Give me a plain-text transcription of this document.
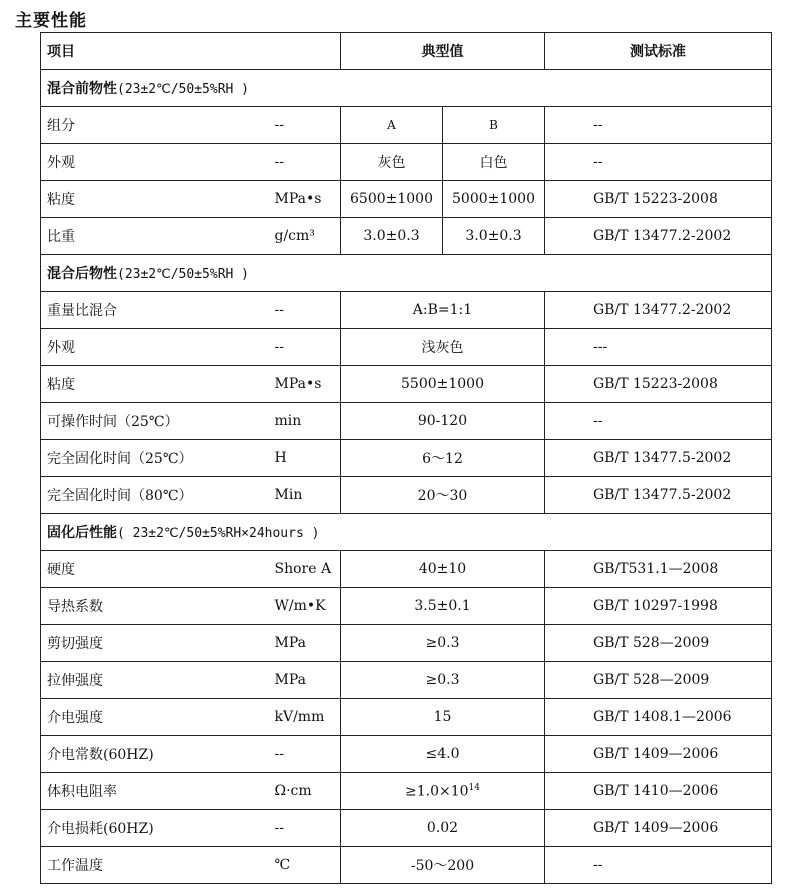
主要性能
项目		典型值		测试标准
混合前物性(23±2℃/50±5%RH )				
组分	--	A	B	--
外观	--	灰色	白色	--
粘度	MPa•s	6500±1000	5000±1000	GB/T 15223-2008
比重	g/cm³	3.0±0.3	3.0±0.3	GB/T 13477.2-2002
混合后物性(23±2℃/50±5%RH )				
重量比混合	--	A:B=1:1		GB/T 13477.2-2002
外观	--	浅灰色		---
粘度	MPa•s	5500±1000		GB/T 15223-2008
可操作时间（25℃）	min	90-120		--
完全固化时间（25℃）	H	6～12		GB/T 13477.5-2002
完全固化时间（80℃）	Min	20～30		GB/T 13477.5-2002
固化后性能( 23±2℃/50±5%RH×24hours )				
硬度	Shore A	40±10		GB/T531.1—2008
导热系数	W/m•K	3.5±0.1		GB/T 10297-1998
剪切强度	MPa	≥0.3		GB/T 528—2009
拉伸强度	MPa	≥0.3		GB/T 528—2009
介电强度	kV/mm	15		GB/T 1408.1—2006
介电常数(60HZ)	--	≤4.0		GB/T 1409—2006
体积电阻率	Ω·cm	$\ge 1.0\times 10^{14}$		GB/T 1410—2006
介电损耗(60HZ)	--	0.02		GB/T 1409—2006
工作温度	℃	-50～200		--
